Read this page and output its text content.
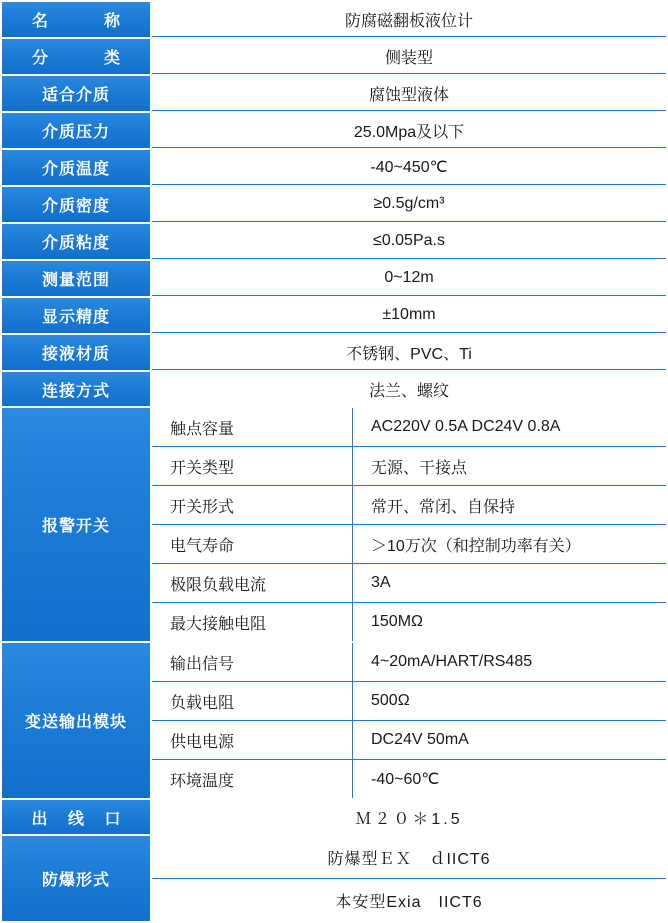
名　　称	防腐磁翻板液位计
分　　类	侧装型
适合介质	腐蚀型液体
介质压力	25.0Mpa及以下
介质温度	-40~450℃
介质密度	≥0.5g/cm³
介质粘度	≤0.05Pa.s
测量范围	0~12m
显示精度	±10mm
接液材质	不锈钢、PVC、Ti
连接方式	法兰、螺纹
报警开关	
触点容量	AC220V 0.5A DC24V 0.8A
开关类型	无源、干接点
开关形式	常开、常闭、自保持
电气寿命	＞10万次（和控制功率有关）
极限负载电流	3A
最大接触电阻	150MΩ

变送输出模块	
输出信号	4~20mA/HART/RS485
负载电阻	500Ω
供电电源	DC24V 50mA
环境温度	-40~60℃

出 线 口	Ｍ２０＊1.5
防爆形式	
防爆型ＥＸ　ｄIICT6
本安型Exia　IICT6
